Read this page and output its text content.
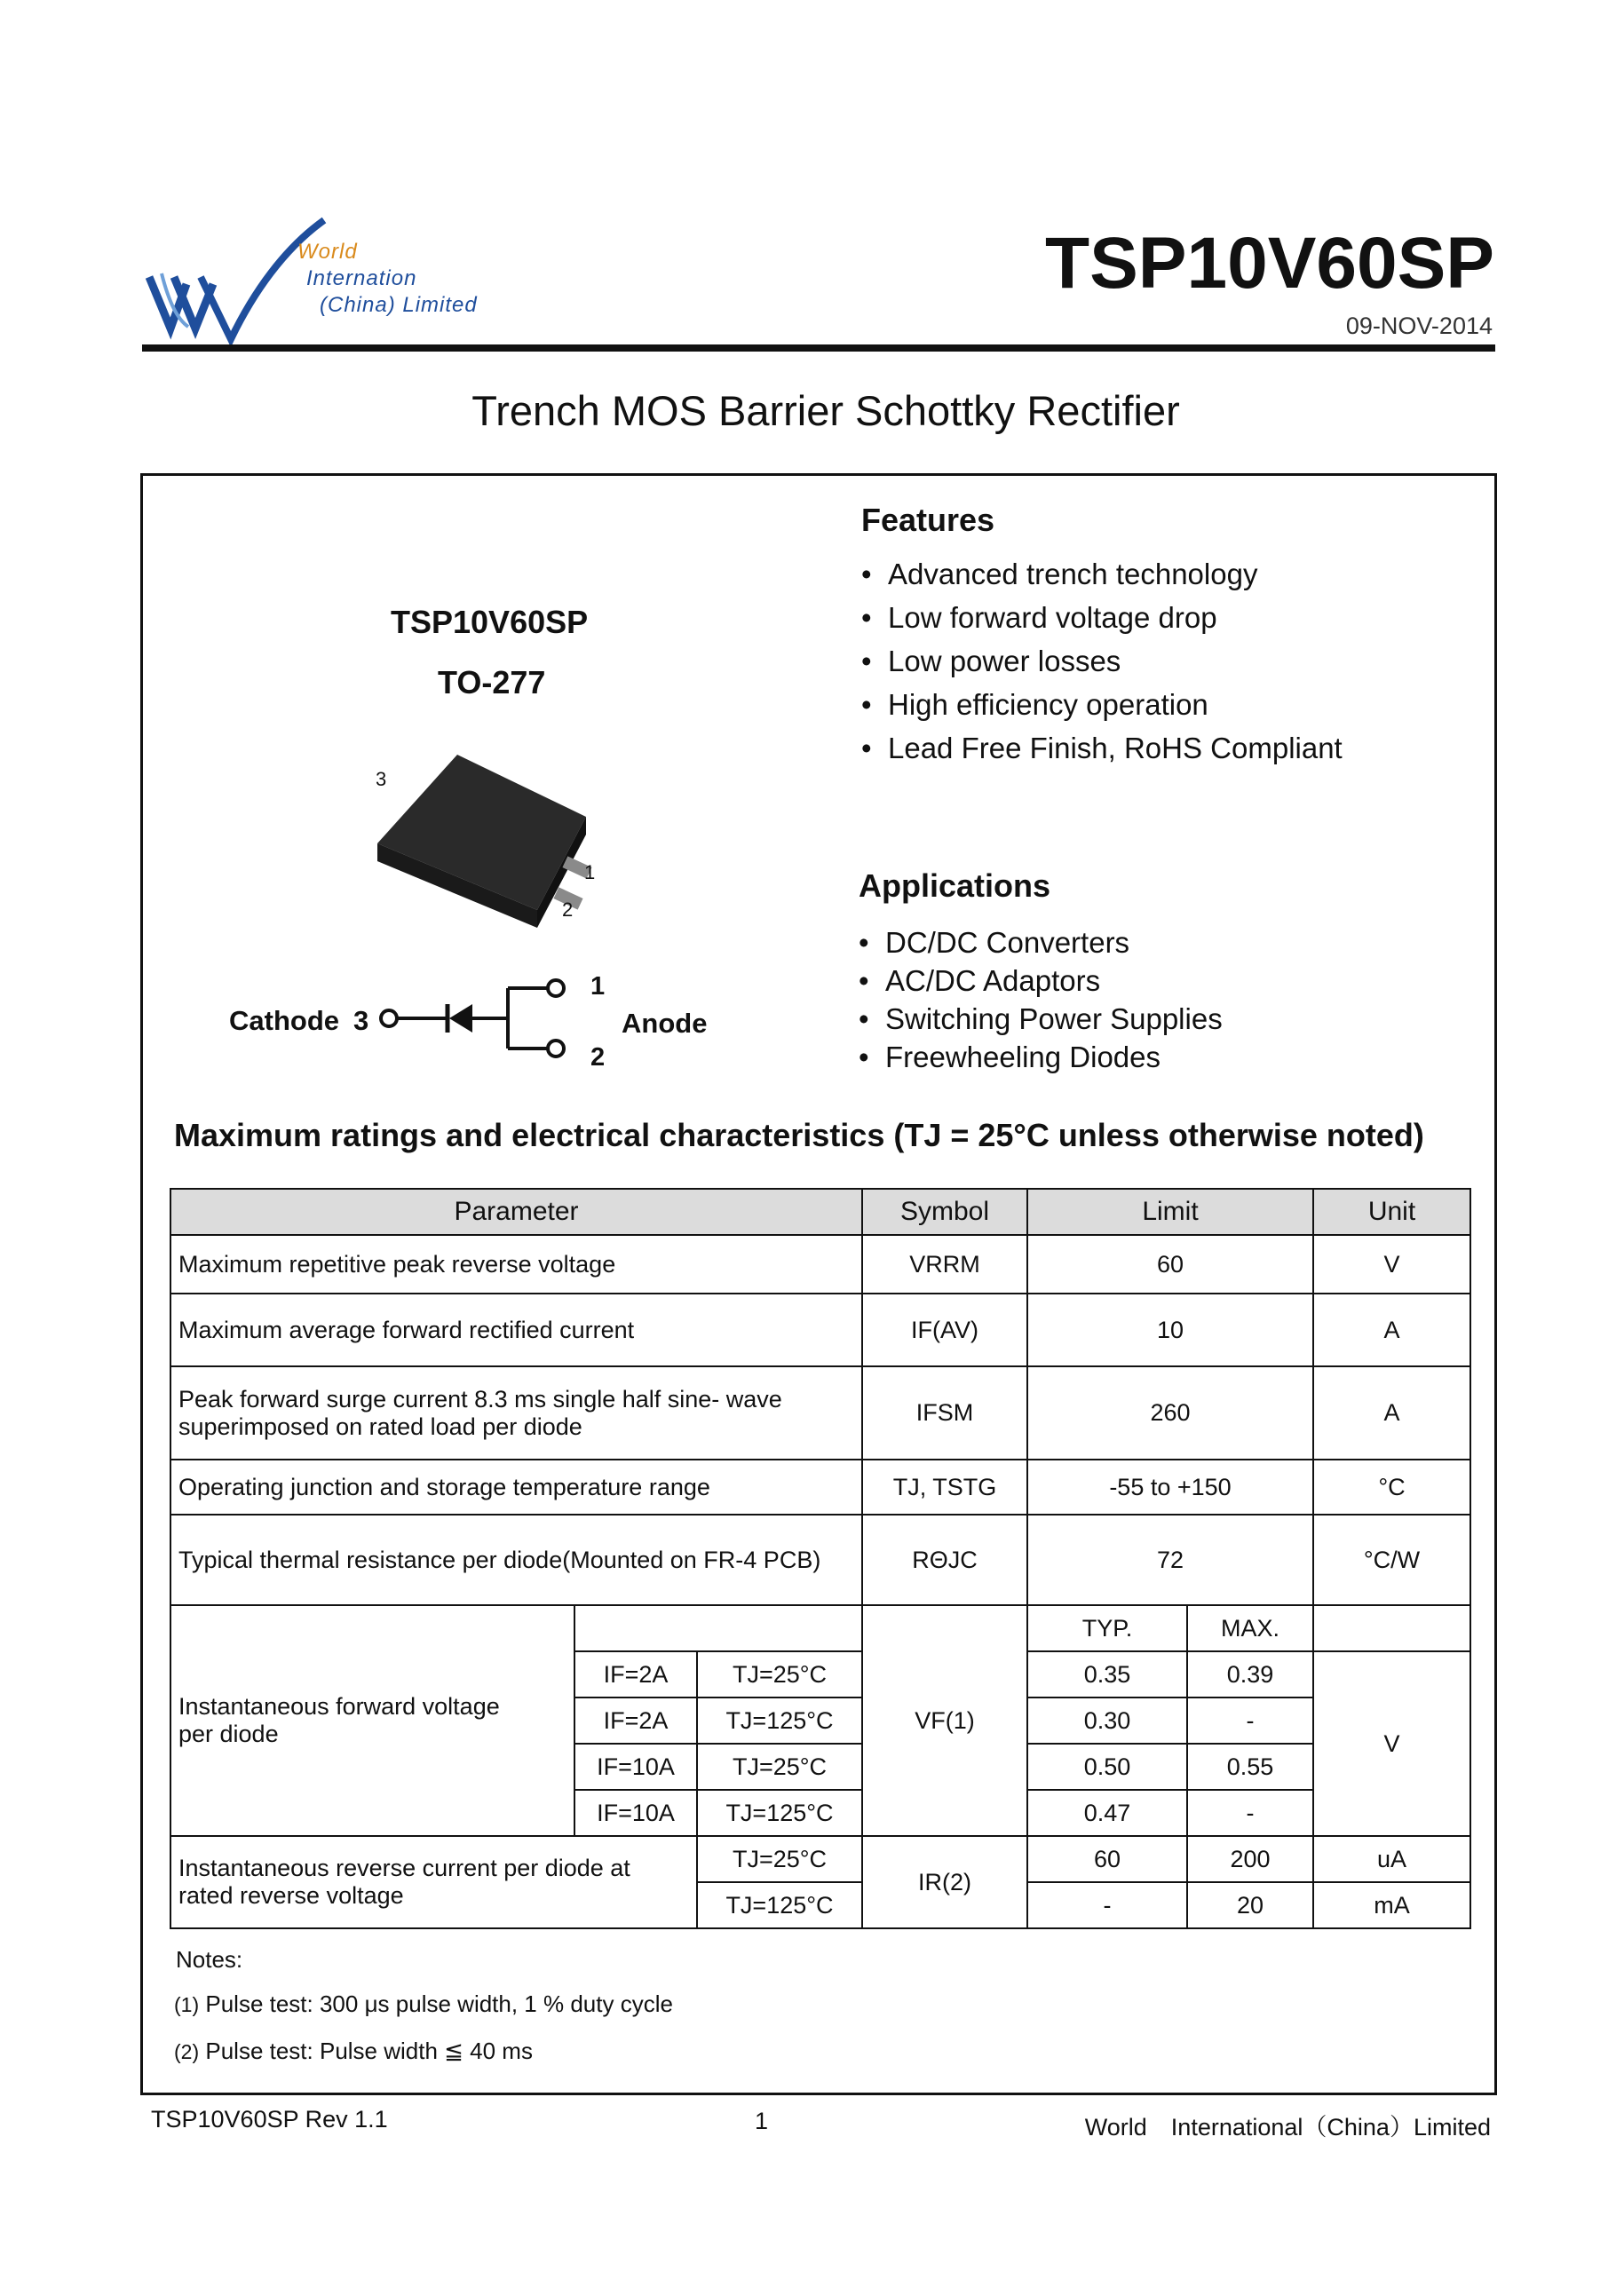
World
Internation
(China) Limited
TSP10V60SP
09-NOV-2014
Trench MOS Barrier Schottky Rectifier
TSP10V60SP
TO-277
3
1
2
Cathode 3
1
Anode
2
Features
• Advanced trench technology
• Low forward voltage drop
• Low power losses
• High efficiency operation
• Lead Free Finish, RoHS Compliant
Applications
• DC/DC Converters
• AC/DC Adaptors
• Switching Power Supplies
• Freewheeling Diodes
Maximum ratings and electrical characteristics (TJ = 25°C unless otherwise noted)
Parameter			Symbol	Limit		Unit
Maximum repetitive peak reverse voltage			VRRM	60		V
Maximum average forward rectified current			IF(AV)	10		A

Peak forward surge current 8.3 ms single half sine- wave
superimposed on rated load per diode			IFSM	260		A
Operating junction and storage temperature range			TJ, TSTG	-55 to +150		°C
Typical thermal resistance per diode(Mounted on FR-4 PCB)			RΘJC	72		°C/W

Instantaneous forward voltage
per diode			VF(1)	TYP.	MAX.	
	IF=2A	TJ=25°C		0.35	0.39	V
	IF=2A	TJ=125°C		0.30	-	
	IF=10A	TJ=25°C		0.50	0.55	
	IF=10A	TJ=125°C		0.47	-	

Instantaneous reverse current per diode at
rated reverse voltage		TJ=25°C	IR(2)	60	200	uA
		TJ=125°C		-	20	mA
Notes:
(1) Pulse test: 300 μs pulse width, 1 % duty cycle
(2) Pulse test: Pulse width ≦ 40 ms
TSP10V60SP Rev 1.1	1	World　International（China）Limited
